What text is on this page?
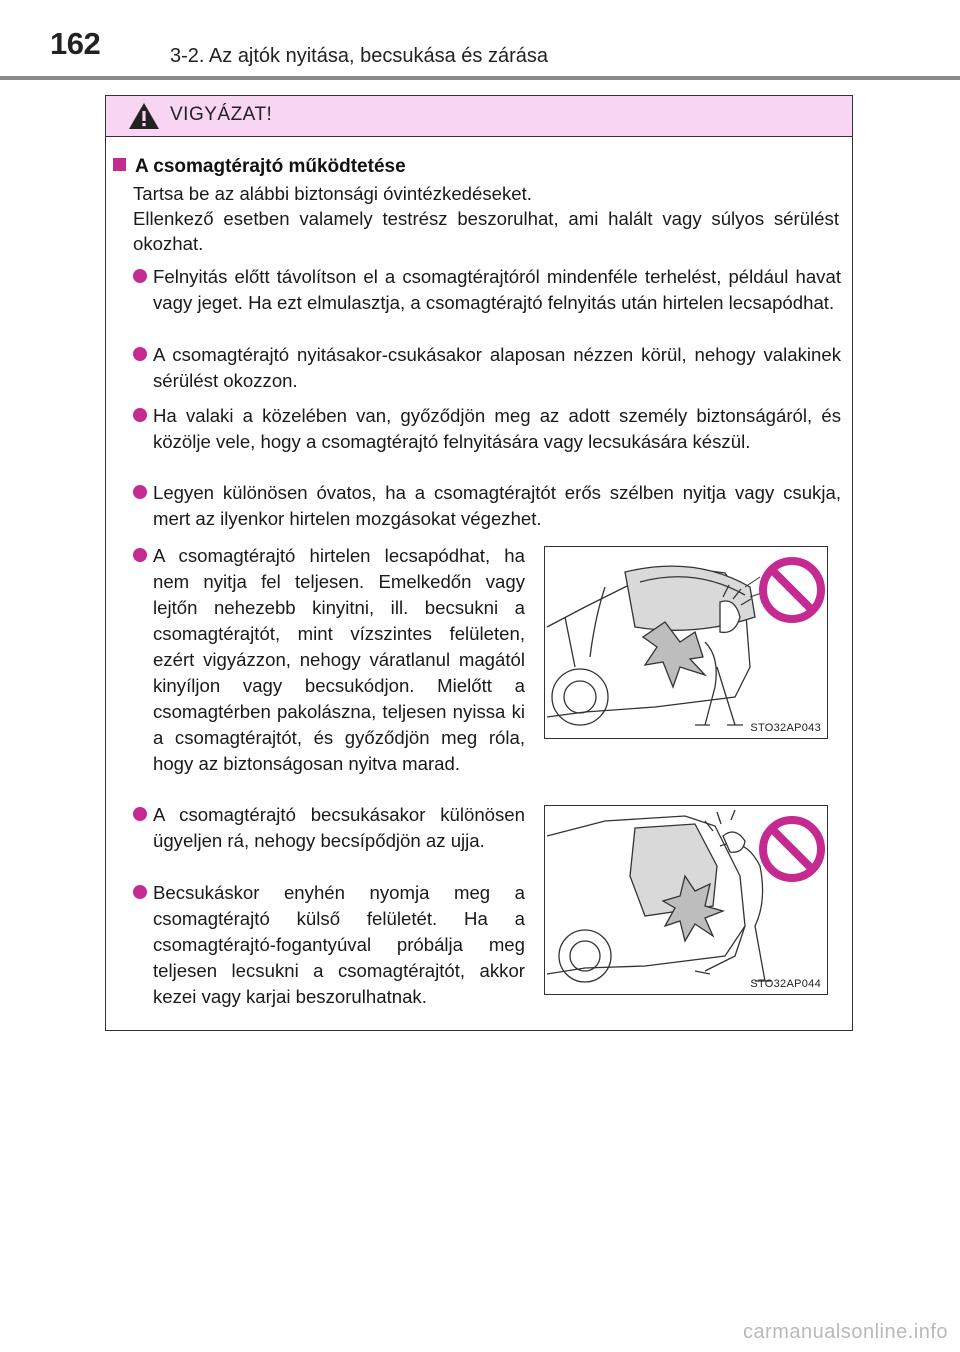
162	3-2. Az ajtók nyitása, becsukása és zárása
VIGYÁZAT!
A csomagtérajtó működtetése

Tartsa be az alábbi biztonsági óvintézkedéseket.

Ellenkező esetben valamely testrész beszorulhat, ami halált vagy súlyos sérülést okozhat.

Felnyitás előtt távolítson el a csomagtérajtóról mindenféle terhelést, például havat vagy jeget. Ha ezt elmulasztja, a csomagtérajtó felnyitás után hirtelen lecsapódhat.
A csomagtérajtó nyitásakor-csukásakor alaposan nézzen körül, nehogy valakinek sérülést okozzon.
Ha valaki a közelében van, győződjön meg az adott személy biztonságáról, és közölje vele, hogy a csomagtérajtó felnyitására vagy lecsukására készül.
Legyen különösen óvatos, ha a csomagtérajtót erős szélben nyitja vagy csukja, mert az ilyenkor hirtelen mozgásokat végezhet.
A csomagtérajtó hirtelen lecsapódhat, ha nem nyitja fel teljesen. Emelkedőn vagy lejtőn nehezebb kinyitni, ill. becsukni a csomagtérajtót, mint vízszintes felületen, ezért vigyázzon, nehogy váratlanul magától kinyíljon vagy becsukódjon. Mielőtt a csomagtérben pakolászna, teljesen nyissa ki a csomagtérajtót, és győződjön meg róla, hogy az biztonságosan nyitva marad.
A csomagtérajtó becsukásakor különösen ügyeljen rá, nehogy becsípődjön az ujja.
Becsukáskor enyhén nyomja meg a csomagtérajtó külső felületét. Ha a csomagtérajtó-fogantyúval próbálja meg teljesen lecsukni a csomagtérajtót, akkor kezei vagy karjai beszorulhatnak.
STO32AP043
STO32AP044
carmanualsonline.info
